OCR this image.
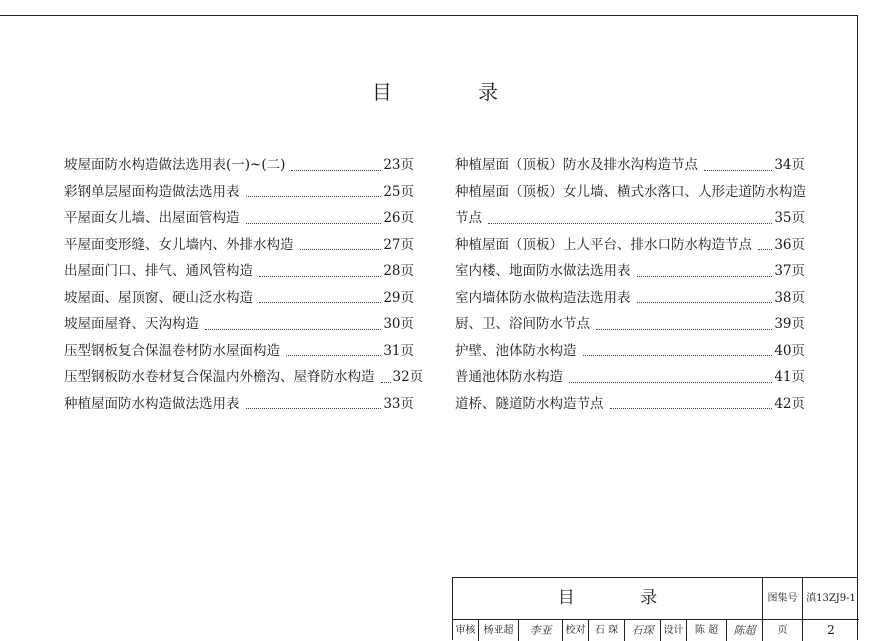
目 录
坡屋面防水构造做法选用表(一)~(二)	23页
彩钢单层屋面构造做法选用表	25页
平屋面女儿墙、出屋面管构造	26页
平屋面变形缝、女儿墙内、外排水构造	27页
出屋面门口、排气、通风管构造	28页
坡屋面、屋顶窗、硬山泛水构造	29页
坡屋面屋脊、天沟构造	30页
压型钢板复合保温卷材防水屋面构造	31页
压型钢板防水卷材复合保温内外檐沟、屋脊防水构造 32页
种植屋面防水构造做法选用表	33页
种植屋面（顶板）防水及排水沟构造节点	34页
种植屋面（顶板）女儿墙、横式水落口、人形走道防水构造
节点	35页
种植屋面（顶板）上人平台、排水口防水构造节点 36页
室内楼、地面防水做法选用表	37页
室内墙体防水做构造法选用表	38页
厨、卫、浴间防水节点	39页
护壁、池体防水构造	40页
普通池体防水构造	41页
道桥、隧道防水构造节点	42页
目 录	图集号 滇13ZJ9-1
审核 杨亚超	李亚	校对 石 琛	石琛	设计	陈 超	陈超	页	2
